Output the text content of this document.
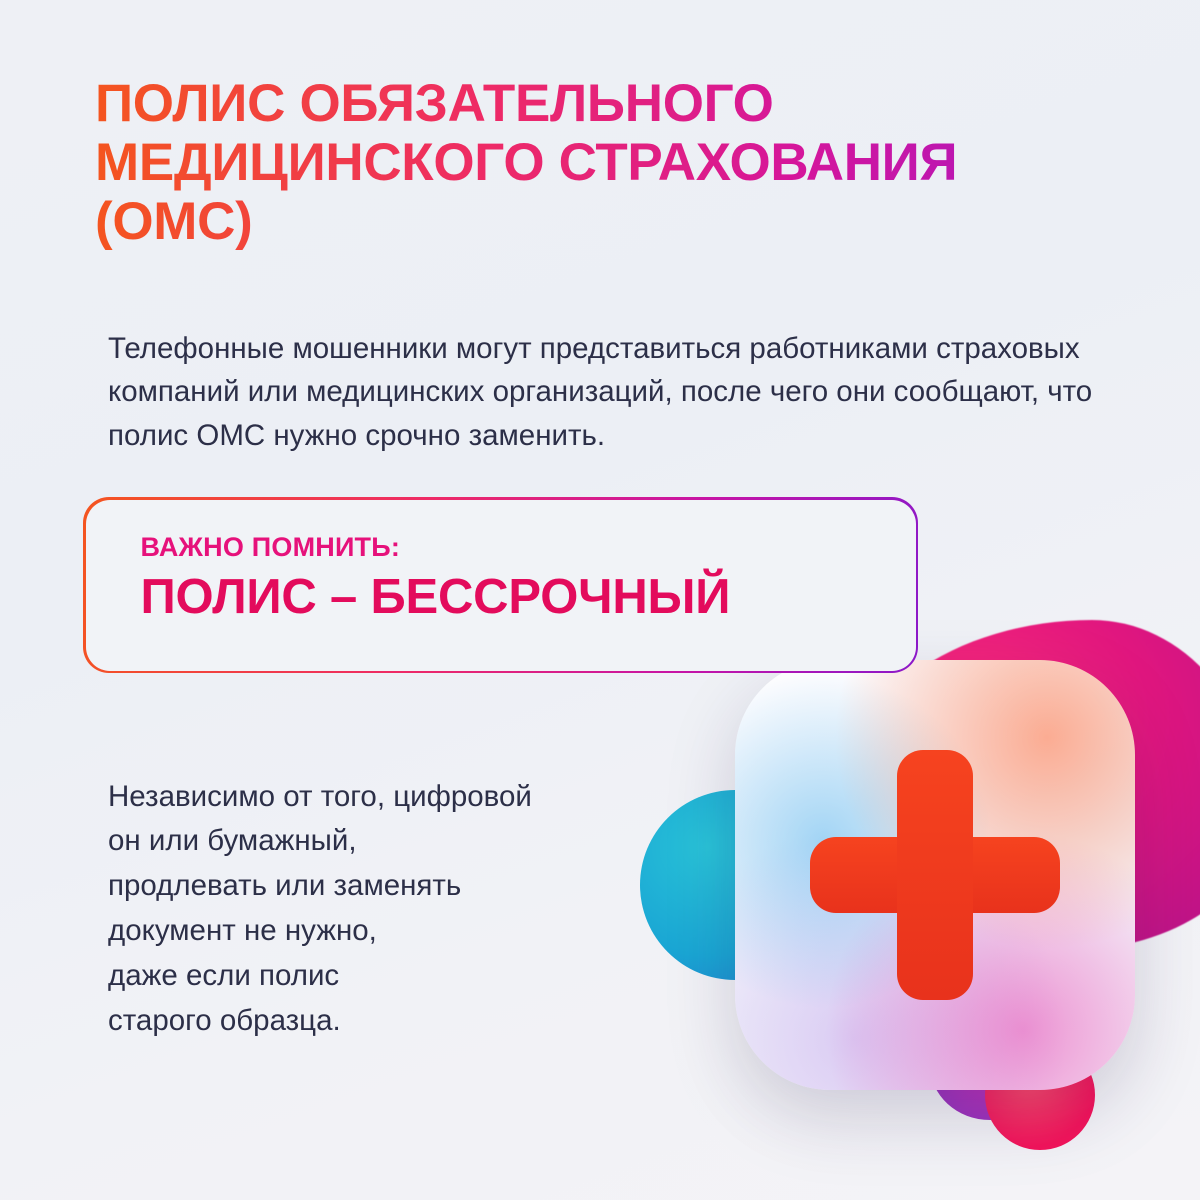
ПОЛИС ОБЯЗАТЕЛЬНОГО
МЕДИЦИНСКОГО СТРАХОВАНИЯ
(ОМС)

Телефонные мошенники могут представиться работниками страховых компаний или медицинских организаций, после чего они сообщают, что полис ОМС нужно срочно заменить.

ВАЖНО ПОМНИТЬ:
ПОЛИС – БЕССРОЧНЫЙ

Независимо от того, цифровой
он или бумажный,
продлевать или заменять
документ не нужно,
даже если полис
старого образца.
